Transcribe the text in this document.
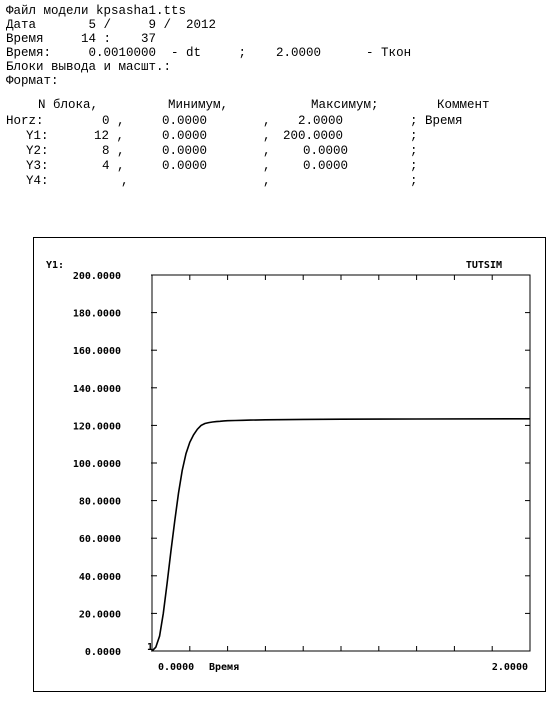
Файл модели kpsasha1.tts
Дата       5 /     9 /  2012
Время     14 :    37
Время:     0.0010000  - dt     ;    2.0000      - Ткон
Блоки вывода и масшт.:
Формат:
N блока,	Минимум,	Максимум;	Коммент
Horz:	0 ,	0.0000	, 2.0000	; Время
Y1:	12 ,	0.0000	, 200.0000	;
Y2:	8 ,	0.0000	,	0.0000	;
Y3:	4 ,	0.0000	,	0.0000	;
Y4:	,	,	;
0.0000
20.0000
40.0000
60.0000
80.0000
100.0000
120.0000
140.0000
160.0000
180.0000
200.0000
0.0000	2.0000
Время
Y1:	TUTSIM
1
